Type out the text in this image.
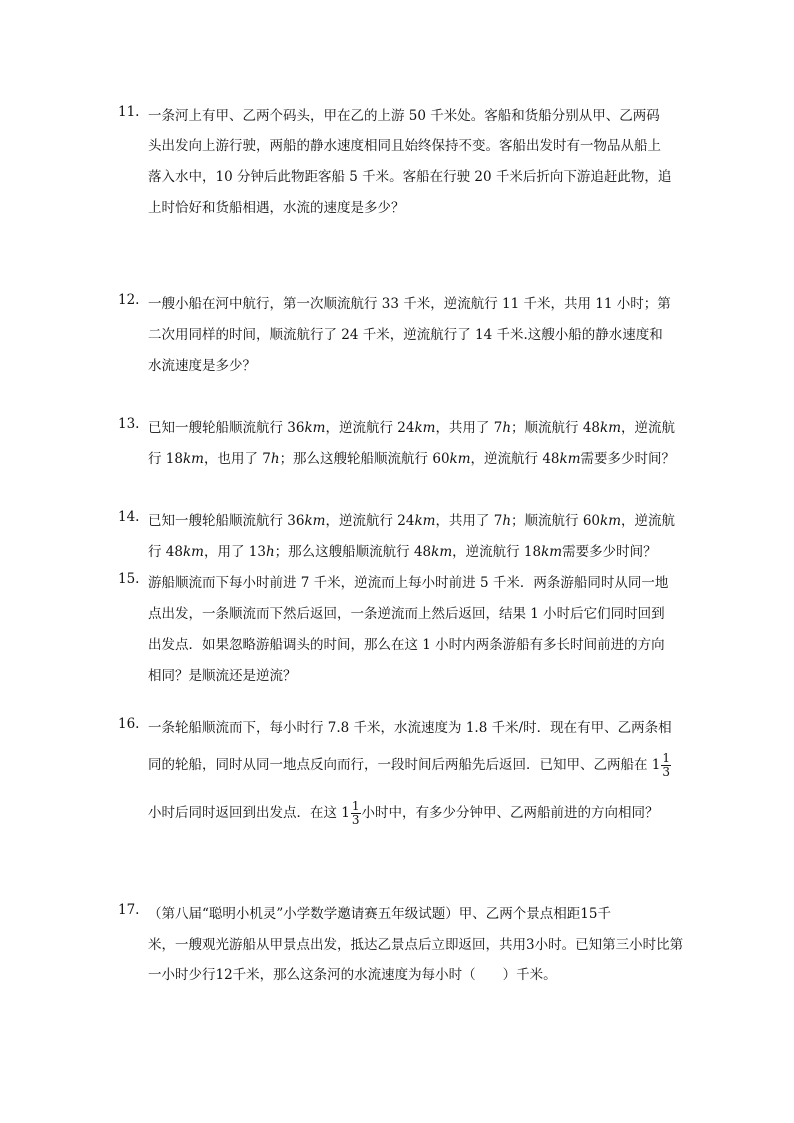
11. 一条河上有甲、乙两个码头，甲在乙的上游 50 千米处。客船和货船分别从甲、乙两码
头出发向上游行驶，两船的静水速度相同且始终保持不变。客船出发时有一物品从船上
落入水中，10 分钟后此物距客船 5 千米。客船在行驶 20 千米后折向下游追赶此物，追
上时恰好和货船相遇，水流的速度是多少？
12. 一艘小船在河中航行，第一次顺流航行 33 千米，逆流航行 11 千米，共用 11 小时；第
二次用同样的时间，顺流航行了 24 千米，逆流航行了 14 千米.这艘小船的静水速度和
水流速度是多少？
13. 已知一艘轮船顺流航行 36km，逆流航行 24km，共用了 7h；顺流航行 48km，逆流航
行 18km，也用了 7h；那么这艘轮船顺流航行 60km，逆流航行 48km需要多少时间？
14. 已知一艘轮船顺流航行 36km，逆流航行 24km，共用了 7h；顺流航行 60km，逆流航
行 48km，用了 13h；那么这艘船顺流航行 48km，逆流航行 18km需要多少时间？
15. 游船顺流而下每小时前进 7 千米，逆流而上每小时前进 5 千米．两条游船同时从同一地
点出发，一条顺流而下然后返回，一条逆流而上然后返回，结果 1 小时后它们同时回到
出发点．如果忽略游船调头的时间，那么在这 1 小时内两条游船有多长时间前进的方向
相同？是顺流还是逆流？
16. 一条轮船顺流而下，每小时行 7.8 千米，水流速度为 1.8 千米/时．现在有甲、乙两条相
同的轮船，同时从同一地点反向而行，一段时间后两船先后返回．已知甲、乙两船在 $1 \frac{1}{3}$
小时后同时返回到出发点．在这 $1 \frac{1}{3}$ 小时中，有多少分钟甲、乙两船前进的方向相同？
17. （第八届“聪明小机灵”小学数学邀请赛五年级试题）甲、乙两个景点相距15千
米，一艘观光游船从甲景点出发，抵达乙景点后立即返回，共用3小时。已知第三小时比第
一小时少行12千米，那么这条河的水流速度为每小时（　　）千米。
